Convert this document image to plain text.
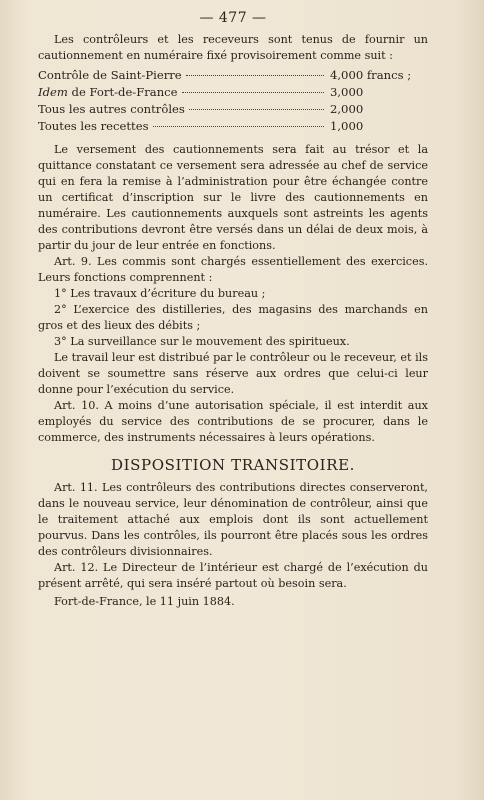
— 477 —

Les contrôleurs et les receveurs sont tenus de fournir un cautionnement en numéraire fixé provisoirement comme suit :

Contrôle de Saint-Pierre	4,000 francs ;
Idem de Fort-de-France	3,000
Tous les autres contrôles	2,000
Toutes les recettes	1,000

Le versement des cautionnements sera fait au trésor et la quittance constatant ce versement sera adressée au chef de service qui en fera la remise à l’administration pour être échangée contre un certificat d’inscription sur le livre des cautionnements en numéraire. Les cautionnements auxquels sont astreints les agents des contributions devront être versés dans un délai de deux mois, à partir du jour de leur entrée en fonctions.

Art. 9. Les commis sont chargés essentiellement des exercices. Leurs fonctions comprennent :

1° Les travaux d’écriture du bureau ;

2° L’exercice des distilleries, des magasins des marchands en gros et des lieux des débits ;

3° La surveillance sur le mouvement des spiritueux.

Le travail leur est distribué par le contrôleur ou le receveur, et ils doivent se soumettre sans réserve aux ordres que celui-ci leur donne pour l’exécution du service.

Art. 10. A moins d’une autorisation spéciale, il est interdit aux employés du service des contributions de se procurer, dans le commerce, des instruments nécessaires à leurs opérations.

DISPOSITION TRANSITOIRE.

Art. 11. Les contrôleurs des contributions directes conserveront, dans le nouveau service, leur dénomination de contrôleur, ainsi que le traitement attaché aux emplois dont ils sont actuellement pourvus. Dans les contrôles, ils pourront être placés sous les ordres des contrôleurs divisionnaires.

Art. 12. Le Directeur de l’intérieur est chargé de l’exécution du présent arrêté, qui sera inséré partout où besoin sera.

Fort-de-France, le 11 juin 1884.
